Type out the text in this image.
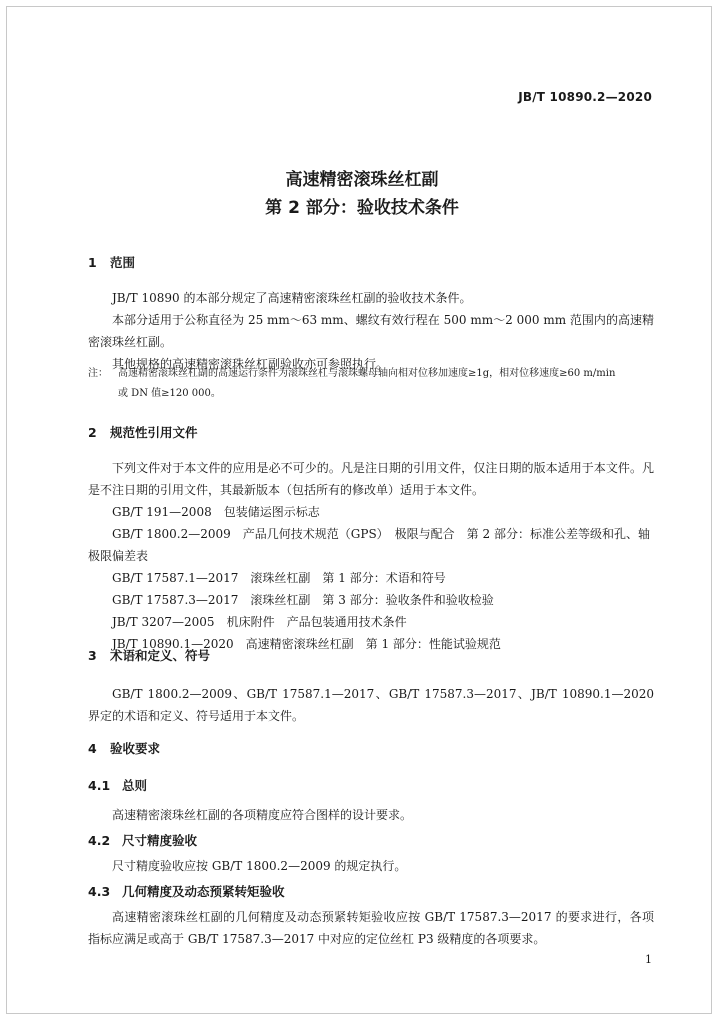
JB/T 10890.2—2020
高速精密滚珠丝杠副
第 2 部分：验收技术条件
1 范围
JB/T 10890 的本部分规定了高速精密滚珠丝杠副的验收技术条件。
本部分适用于公称直径为 25 mm～63 mm、螺纹有效行程在 500 mm～2 000 mm 范围内的高速精密滚珠丝杠副。
其他规格的高速精密滚珠丝杠副验收亦可参照执行。
注： 高速精密滚珠丝杠副的高速运行条件为滚珠丝杠与滚珠螺母轴向相对位移加速度≥1g，相对位移速度≥60 m/min
或 DN 值≥120 000。
2 规范性引用文件
下列文件对于本文件的应用是必不可少的。凡是注日期的引用文件，仅注日期的版本适用于本文件。凡是不注日期的引用文件，其最新版本（包括所有的修改单）适用于本文件。
GB/T 191—2008　包装储运图示标志
GB/T 1800.2—2009　产品几何技术规范（GPS）　极限与配合　第 2 部分：标准公差等级和孔、轴极限偏差表
GB/T 17587.1—2017　滚珠丝杠副　第 1 部分：术语和符号
GB/T 17587.3—2017　滚珠丝杠副　第 3 部分：验收条件和验收检验
JB/T 3207—2005　机床附件　产品包装通用技术条件
JB/T 10890.1—2020　高速精密滚珠丝杠副　第 1 部分：性能试验规范
3 术语和定义、符号
GB/T 1800.2—2009、GB/T 17587.1—2017、GB/T 17587.3—2017、JB/T 10890.1—2020 界定的术语和定义、符号适用于本文件。
4 验收要求
4.1 总则
高速精密滚珠丝杠副的各项精度应符合图样的设计要求。
4.2 尺寸精度验收
尺寸精度验收应按 GB/T 1800.2—2009 的规定执行。
4.3 几何精度及动态预紧转矩验收
高速精密滚珠丝杠副的几何精度及动态预紧转矩验收应按 GB/T 17587.3—2017 的要求进行，各项指标应满足或高于 GB/T 17587.3—2017 中对应的定位丝杠 P3 级精度的各项要求。
1
